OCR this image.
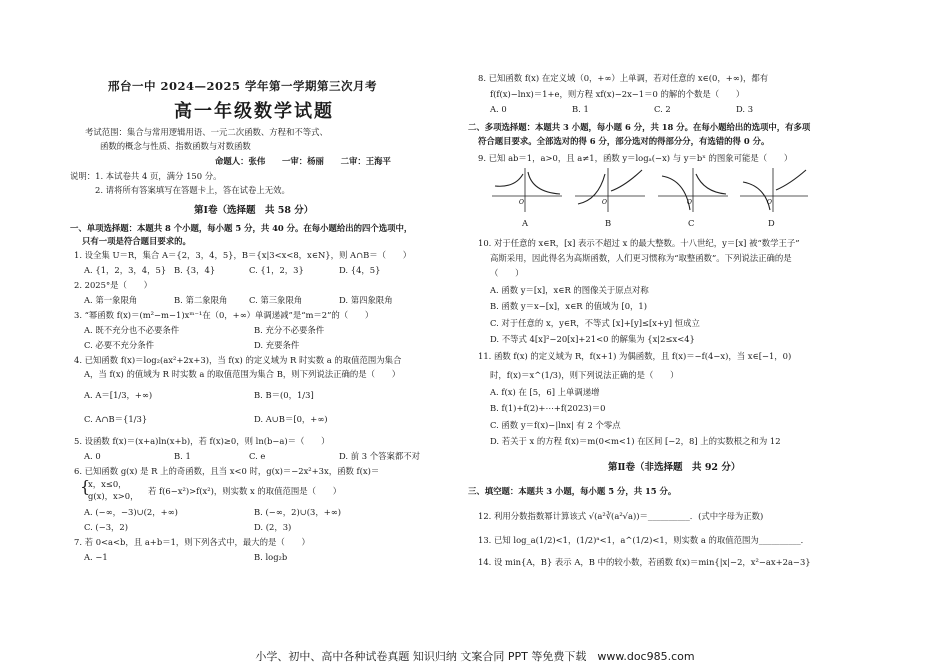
邢台一中 2024—2025 学年第一学期第三次月考
高一年级数学试题
考试范围：集合与常用逻辑用语、一元二次函数、方程和不等式、
函数的概念与性质、指数函数与对数函数
命题人：张伟　　一审：杨丽　　二审：王海平
说明：1. 本试卷共 4 页，满分 150 分。
2. 请将所有答案填写在答题卡上，答在试卷上无效。
第Ⅰ卷（选择题　共 58 分）
一、单项选择题：本题共 8 个小题，每小题 5 分，共 40 分。在每小题给出的四个选项中，
只有一项是符合题目要求的。
1. 设全集 U＝R，集合 A＝{2，3，4，5}，B＝{x|3<x<8，x∈N}，则 A∩B＝（　　）
A. {1，2，3，4，5} B. {3，4}	C. {1，2，3}	D. {4，5}
2. 2025°是（　　）
A. 第一象限角	B. 第二象限角	C. 第三象限角	D. 第四象限角
3. “幂函数 f(x)＝(m²−m−1)xᵐ⁻¹在（0，+∞）单调递减”是“m＝2”的（　　）
A. 既不充分也不必要条件	B. 充分不必要条件
C. 必要不充分条件	D. 充要条件
4. 已知函数 f(x)＝log₂(ax²+2x+3)，当 f(x) 的定义域为 R 时实数 a 的取值范围为集合
A，当 f(x) 的值域为 R 时实数 a 的取值范围为集合 B，则下列说法正确的是（　　）
A. A＝[1/3，+∞)	B. B＝(0，1/3]
C. A∩B＝{1/3}	D. A∪B＝[0，+∞)
5. 设函数 f(x)＝(x+a)ln(x+b)，若 f(x)≥0，则 ln(b−a)＝（　　）
A. 0	B. 1	C. e	D. 前 3 个答案都不对
6. 已知函数 g(x) 是 R 上的奇函数，且当 x<0 时，g(x)＝−2x²+3x，函数 f(x)＝
{
x，x≤0，
g(x)，x>0， 若 f(6−x²)>f(x²)，则实数 x 的取值范围是（　　）
A. (−∞，−3)∪(2，+∞)	B. (−∞，2)∪(3，+∞)
C. (−3，2)	D. (2，3)
7. 若 0<a<b，且 a+b＝1，则下列各式中，最大的是（　　）
A. −1	B. log₂b
8. 已知函数 f(x) 在定义域（0，+∞）上单调，若对任意的 x∈(0，+∞)，都有
f(f(x)−lnx)＝1+e，则方程 xf(x)−2x−1＝0 的解的个数是（　　）
A. 0	B. 1	C. 2	D. 3
二、多项选择题：本题共 3 小题，每小题 6 分，共 18 分。在每小题给出的选项中，有多项
符合题目要求。全部选对的得 6 分，部分选对的得部分分，有选错的得 0 分。
9. 已知 ab＝1，a>0，且 a≠1，函数 y＝logₐ(−x) 与 y＝bˣ 的图象可能是（　　）
O	O	O	O
A	B	C	D
10. 对于任意的 x∈R，[x] 表示不超过 x 的最大整数。十八世纪，y＝[x] 被“数学王子”
高斯采用，因此得名为高斯函数，人们更习惯称为“取整函数”。下列说法正确的是
（　　）
A. 函数 y＝[x]，x∈R 的图像关于原点对称
B. 函数 y＝x−[x]，x∈R 的值域为 [0，1)
C. 对于任意的 x，y∈R，不等式 [x]+[y]≤[x+y] 恒成立
D. 不等式 4[x]²−20[x]+21<0 的解集为 {x|2≤x<4}
11. 函数 f(x) 的定义域为 R，f(x+1) 为偶函数，且 f(x)＝−f(4−x)，当 x∈[−1，0)
时，f(x)＝x^(1/3)，则下列说法正确的是（　　）
A. f(x) 在 [5，6] 上单调递增
B. f(1)+f(2)+⋯+f(2023)＝0
C. 函数 y＝f(x)−|lnx| 有 2 个零点
D. 若关于 x 的方程 f(x)＝m(0<m<1) 在区间 [−2，8] 上的实数根之和为 12
第Ⅱ卷（非选择题　共 92 分）
三、填空题：本题共 3 小题，每小题 5 分，共 15 分。
12. 利用分数指数幂计算该式 √(a²∛(a²√a))＝__________．(式中字母为正数)
13. 已知 log_a(1/2)<1，(1/2)ᵃ<1，a^(1/2)<1，则实数 a 的取值范围为__________．
14. 设 min{A，B} 表示 A，B 中的较小数，若函数 f(x)＝min{|x|−2，x²−ax+2a−3}
小学、初中、高中各种试卷真题 知识归纳 文案合同 PPT 等免费下载　www.doc985.com
